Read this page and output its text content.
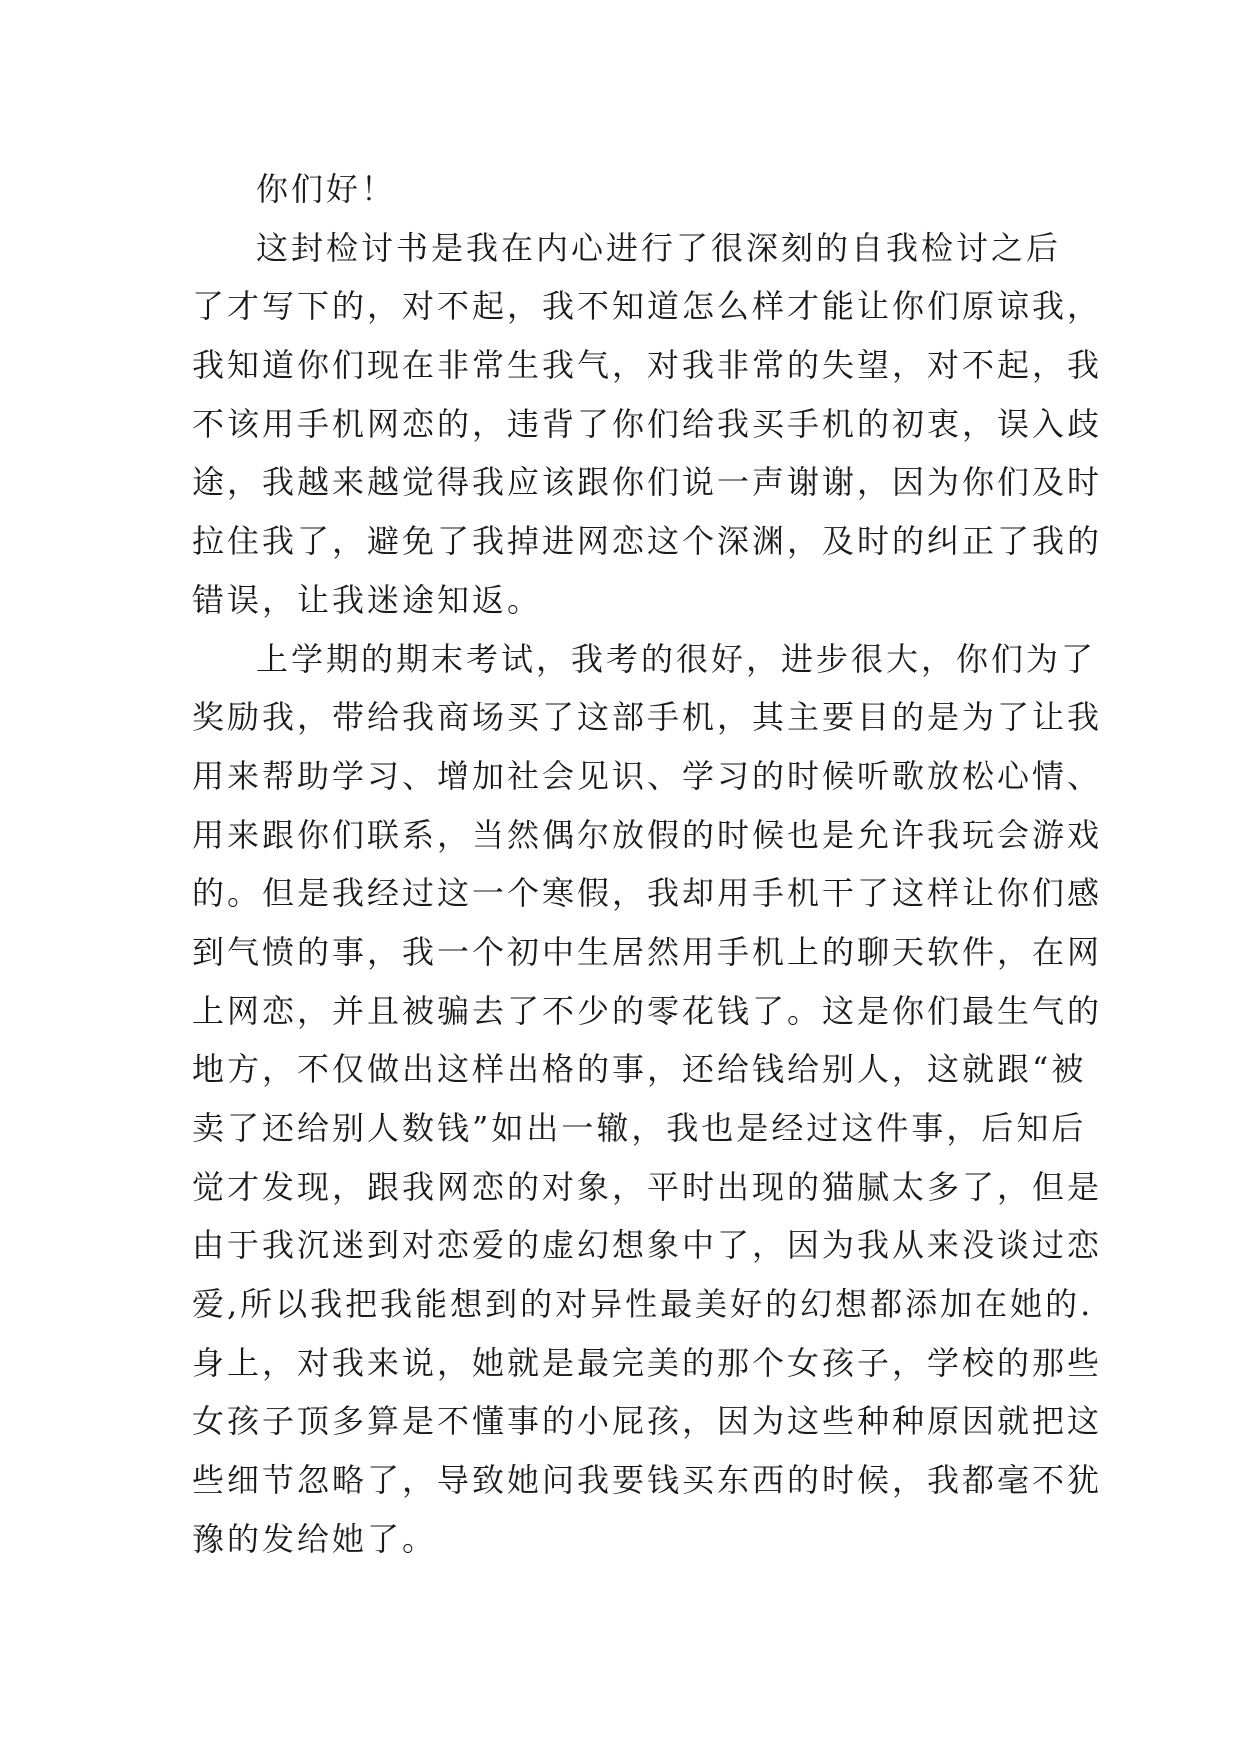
你们好！
这封检讨书是我在内心进行了很深刻的自我检讨之后
了才写下的，对不起，我不知道怎么样才能让你们原谅我，
我知道你们现在非常生我气，对我非常的失望，对不起，我
不该用手机网恋的，违背了你们给我买手机的初衷，误入歧
途，我越来越觉得我应该跟你们说一声谢谢，因为你们及时
拉住我了，避免了我掉进网恋这个深渊，及时的纠正了我的
错误，让我迷途知返。
上学期的期末考试，我考的很好，进步很大，你们为了
奖励我，带给我商场买了这部手机，其主要目的是为了让我
用来帮助学习、增加社会见识、学习的时候听歌放松心情、
用来跟你们联系，当然偶尔放假的时候也是允许我玩会游戏
的。但是我经过这一个寒假，我却用手机干了这样让你们感
到气愤的事，我一个初中生居然用手机上的聊天软件，在网
上网恋，并且被骗去了不少的零花钱了。这是你们最生气的
地方，不仅做出这样出格的事，还给钱给别人，这就跟“被
卖了还给别人数钱”如出一辙，我也是经过这件事，后知后
觉才发现，跟我网恋的对象，平时出现的猫腻太多了，但是
由于我沉迷到对恋爱的虚幻想象中了，因为我从来没谈过恋
爱,所以我把我能想到的对异性最美好的幻想都添加在她的.
身上，对我来说，她就是最完美的那个女孩子，学校的那些
女孩子顶多算是不懂事的小屁孩，因为这些种种原因就把这
些细节忽略了，导致她问我要钱买东西的时候，我都毫不犹
豫的发给她了。
